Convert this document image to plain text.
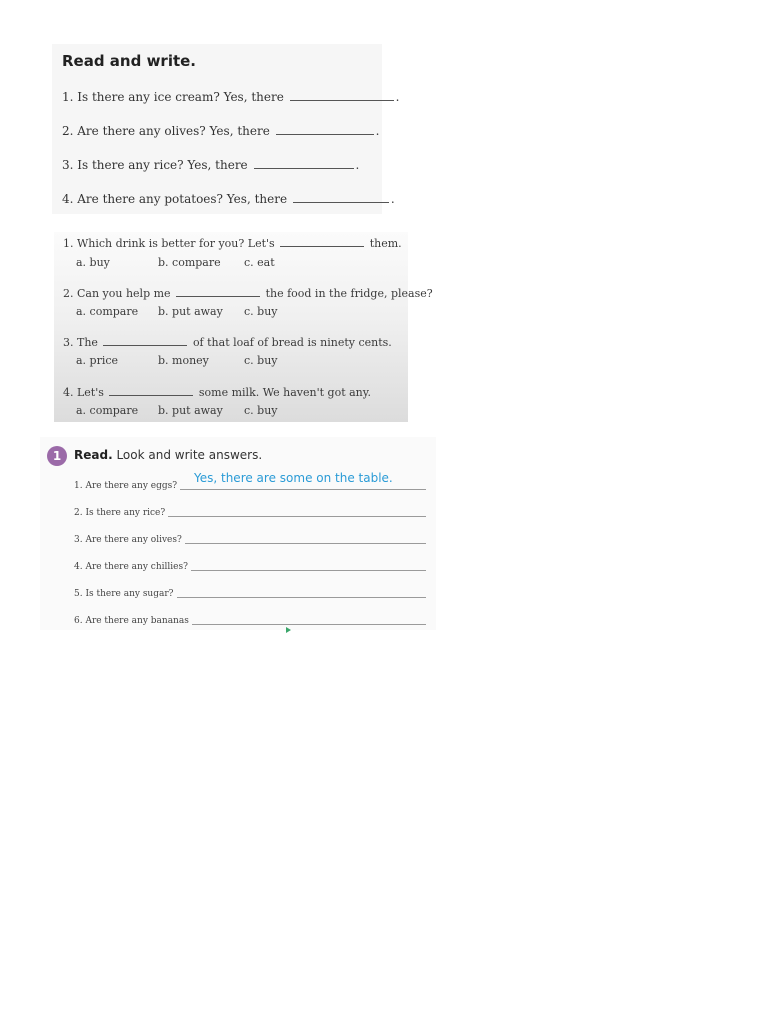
Read and write.
1. Is there any ice cream? Yes, there	.
2. Are there any olives? Yes, there	.
3. Is there any rice? Yes, there	.
4. Are there any potatoes? Yes, there	.
1. Which drink is better for you? Let's	them.
a. buy	b. compare c. eat
2. Can you help me	the food in the fridge, please?
a. compare b. put away c. buy
3. The	of that loaf of bread is ninety cents.
a. price	b. money	c. buy
4. Let's	some milk. We haven't got any.
a. compare b. put away c. buy
1	Read. Look and write answers.
1. Are there any eggs?
2. Is there any rice?
3. Are there any olives?
4. Are there any chillies?
5. Is there any sugar?
6. Are there any bananas
Yes, there are some on the table.
